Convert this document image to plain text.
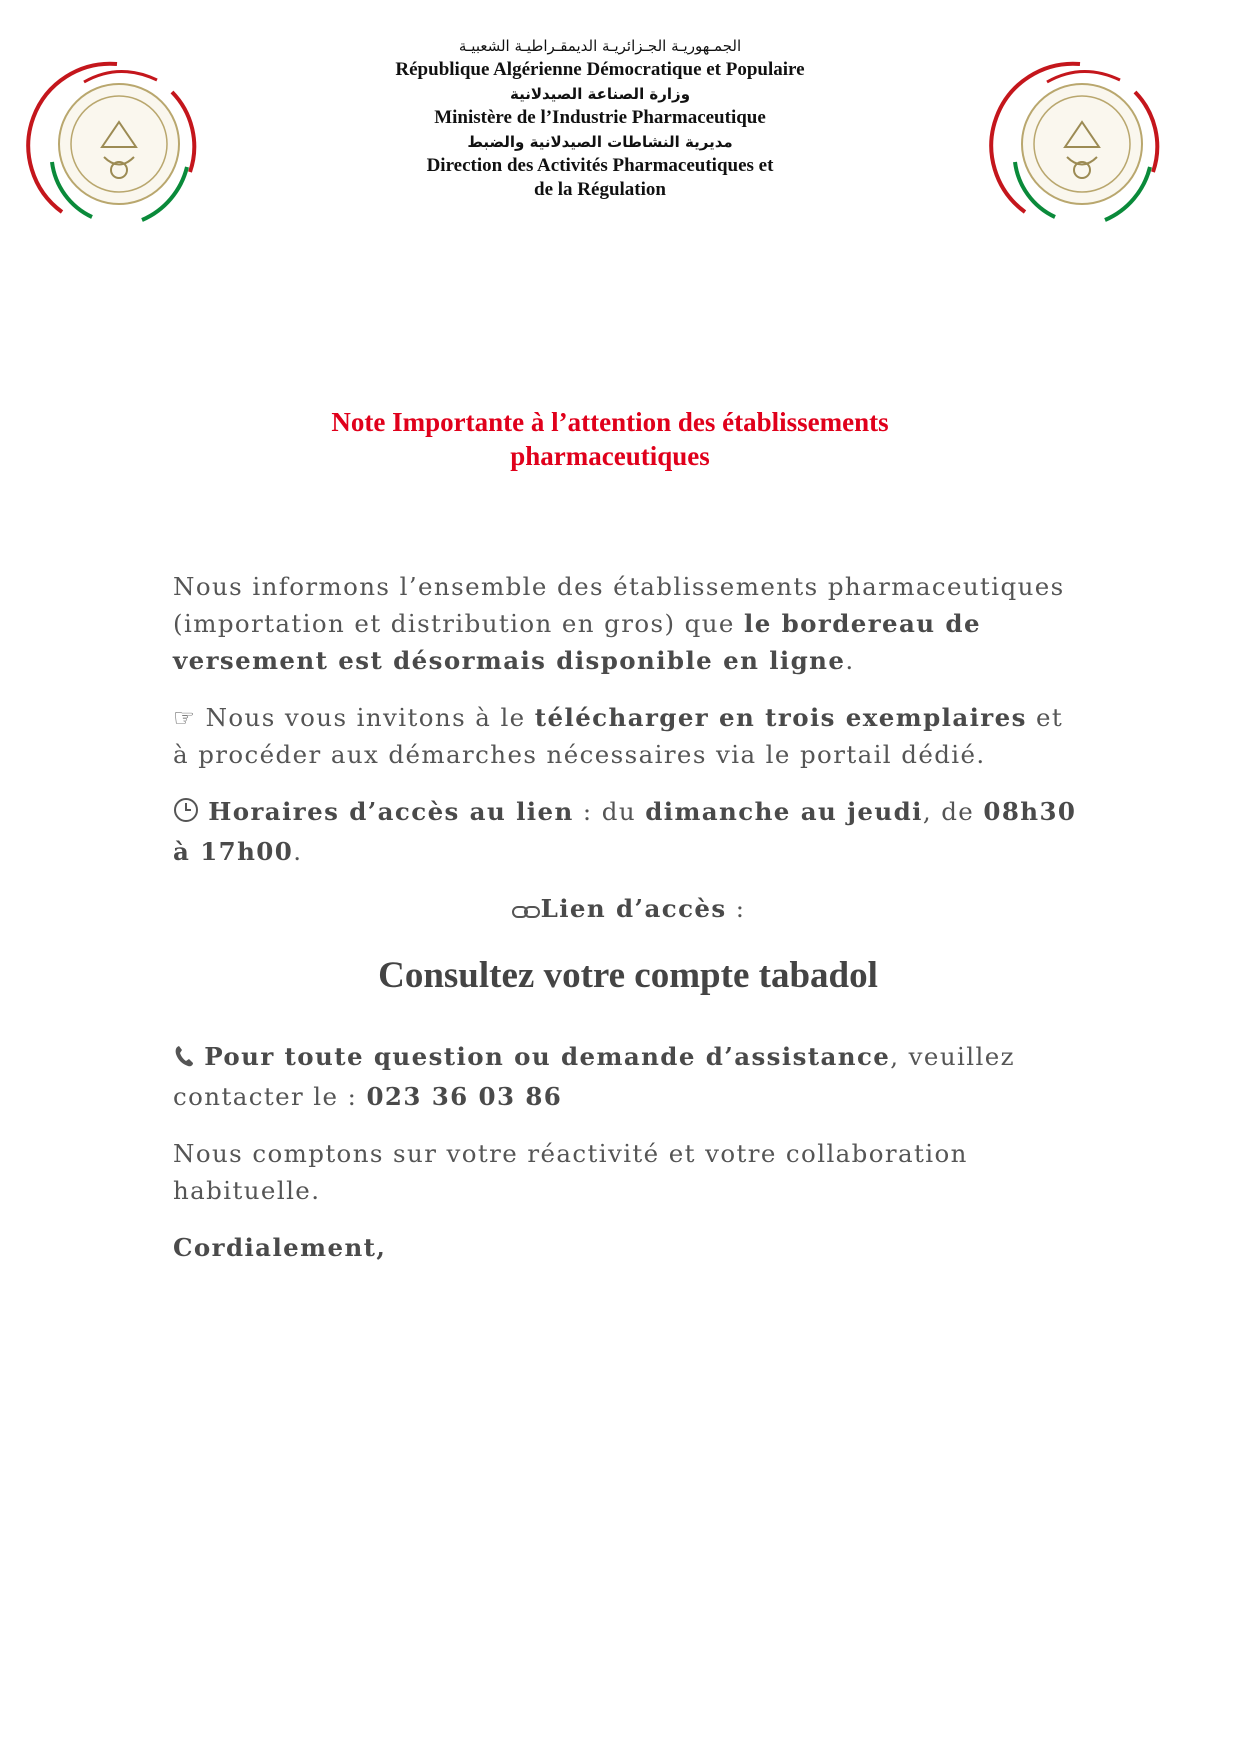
الجمـهوريـة الجـزائريـة الديمقـراطيـة الشعبيـة
République Algérienne Démocratique et Populaire
وزارة الصناعة الصيدلانية
Ministère de l’Industrie Pharmaceutique
مديرية النشاطات الصيدلانية والضبط
Direction des Activités Pharmaceutiques et
de la Régulation
Note Importante à l’attention des établissements
pharmaceutiques

Nous informons l’ensemble des établissements pharmaceutiques (importation et distribution en gros) que le bordereau de versement est désormais disponible en ligne.

☞ Nous vous invitons à le télécharger en trois exemplaires et à procéder aux démarches nécessaires via le portail dédié.

Horaires d’accès au lien : du dimanche au jeudi, de 08h30 à 17h00.

Lien d’accès :

Consultez votre compte tabadol

Pour toute question ou demande d’assistance, veuillez contacter le : 023 36 03 86

Nous comptons sur votre réactivité et votre collaboration habituelle.

Cordialement,
